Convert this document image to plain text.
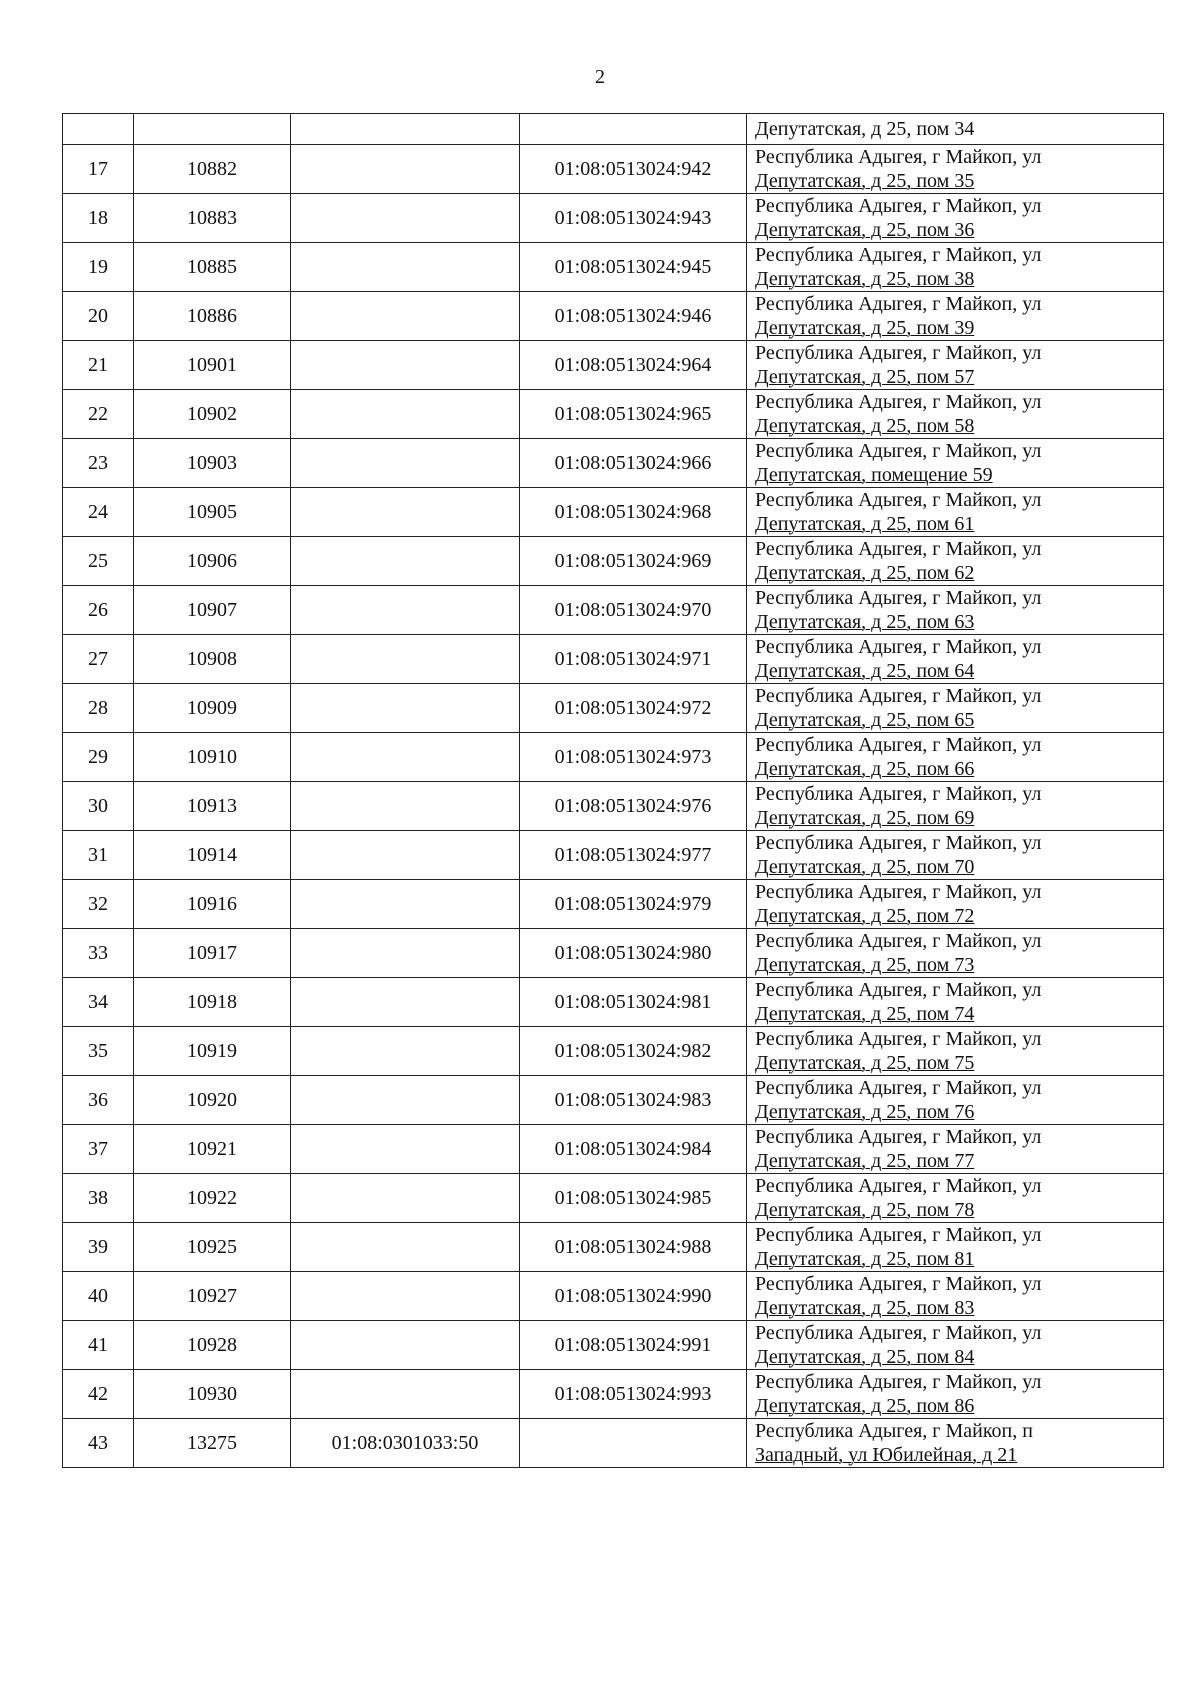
2

				Депутатская, д 25, пом 34

17	10882		01:08:0513024:942	Республика Адыгея, г Майкоп, ул
Депутатская, д 25, пом 35

18	10883		01:08:0513024:943	Республика Адыгея, г Майкоп, ул
Депутатская, д 25, пом 36

19	10885		01:08:0513024:945	Республика Адыгея, г Майкоп, ул
Депутатская, д 25, пом 38

20	10886		01:08:0513024:946	Республика Адыгея, г Майкоп, ул
Депутатская, д 25, пом 39

21	10901		01:08:0513024:964	Республика Адыгея, г Майкоп, ул
Депутатская, д 25, пом 57

22	10902		01:08:0513024:965	Республика Адыгея, г Майкоп, ул
Депутатская, д 25, пом 58

23	10903		01:08:0513024:966	Республика Адыгея, г Майкоп, ул
Депутатская, помещение 59

24	10905		01:08:0513024:968	Республика Адыгея, г Майкоп, ул
Депутатская, д 25, пом 61

25	10906		01:08:0513024:969	Республика Адыгея, г Майкоп, ул
Депутатская, д 25, пом 62

26	10907		01:08:0513024:970	Республика Адыгея, г Майкоп, ул
Депутатская, д 25, пом 63

27	10908		01:08:0513024:971	Республика Адыгея, г Майкоп, ул
Депутатская, д 25, пом 64

28	10909		01:08:0513024:972	Республика Адыгея, г Майкоп, ул
Депутатская, д 25, пом 65

29	10910		01:08:0513024:973	Республика Адыгея, г Майкоп, ул
Депутатская, д 25, пом 66

30	10913		01:08:0513024:976	Республика Адыгея, г Майкоп, ул
Депутатская, д 25, пом 69

31	10914		01:08:0513024:977	Республика Адыгея, г Майкоп, ул
Депутатская, д 25, пом 70

32	10916		01:08:0513024:979	Республика Адыгея, г Майкоп, ул
Депутатская, д 25, пом 72

33	10917		01:08:0513024:980	Республика Адыгея, г Майкоп, ул
Депутатская, д 25, пом 73

34	10918		01:08:0513024:981	Республика Адыгея, г Майкоп, ул
Депутатская, д 25, пом 74

35	10919		01:08:0513024:982	Республика Адыгея, г Майкоп, ул
Депутатская, д 25, пом 75

36	10920		01:08:0513024:983	Республика Адыгея, г Майкоп, ул
Депутатская, д 25, пом 76

37	10921		01:08:0513024:984	Республика Адыгея, г Майкоп, ул
Депутатская, д 25, пом 77

38	10922		01:08:0513024:985	Республика Адыгея, г Майкоп, ул
Депутатская, д 25, пом 78

39	10925		01:08:0513024:988	Республика Адыгея, г Майкоп, ул
Депутатская, д 25, пом 81

40	10927		01:08:0513024:990	Республика Адыгея, г Майкоп, ул
Депутатская, д 25, пом 83

41	10928		01:08:0513024:991	Республика Адыгея, г Майкоп, ул
Депутатская, д 25, пом 84

42	10930		01:08:0513024:993	Республика Адыгея, г Майкоп, ул
Депутатская, д 25, пом 86

43	13275	01:08:0301033:50		Республика Адыгея, г Майкоп, п
Западный, ул Юбилейная, д 21
